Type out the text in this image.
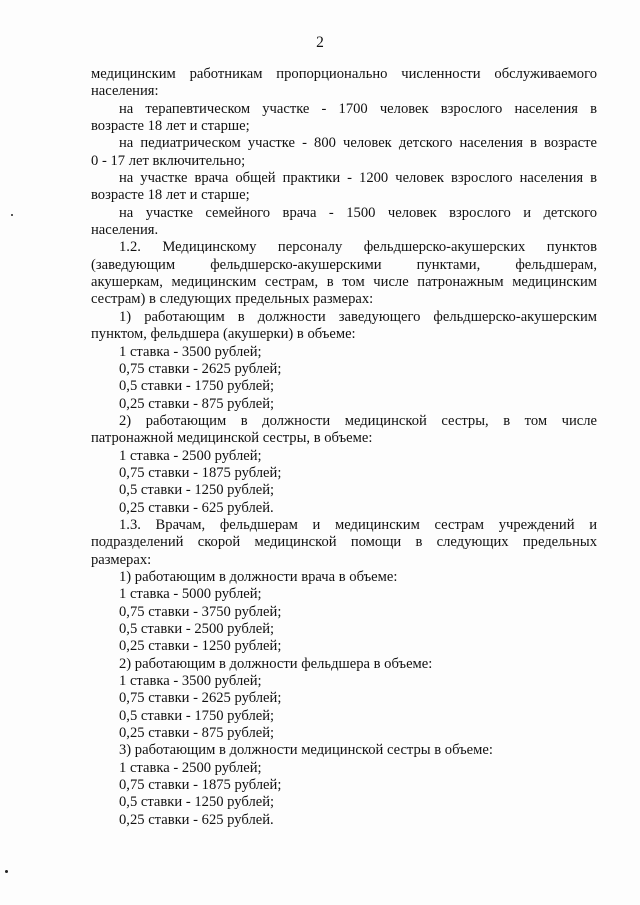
2
медицинским работникам пропорционально численности обслуживаемого
населения:
на терапевтическом участке - 1700 человек взрослого населения в
возрасте 18 лет и старше;
на педиатрическом участке - 800 человек детского населения в возрасте
0 - 17 лет включительно;
на участке врача общей практики - 1200 человек взрослого населения в
возрасте 18 лет и старше;
на участке семейного врача - 1500 человек взрослого и детского
населения.
1.2. Медицинскому персоналу фельдшерско-акушерских пунктов
(заведующим фельдшерско-акушерскими пунктами, фельдшерам,
акушеркам, медицинским сестрам, в том числе патронажным медицинским
сестрам) в следующих предельных размерах:
1) работающим в должности заведующего фельдшерско-акушерским
пунктом, фельдшера (акушерки) в объеме:
1 ставка - 3500 рублей;
0,75 ставки - 2625 рублей;
0,5 ставки - 1750 рублей;
0,25 ставки - 875 рублей;
2) работающим в должности медицинской сестры, в том числе
патронажной медицинской сестры, в объеме:
1 ставка - 2500 рублей;
0,75 ставки - 1875 рублей;
0,5 ставки - 1250 рублей;
0,25 ставки - 625 рублей.
1.3. Врачам, фельдшерам и медицинским сестрам учреждений и
подразделений скорой медицинской помощи в следующих предельных
размерах:
1) работающим в должности врача в объеме:
1 ставка - 5000 рублей;
0,75 ставки - 3750 рублей;
0,5 ставки - 2500 рублей;
0,25 ставки - 1250 рублей;
2) работающим в должности фельдшера в объеме:
1 ставка - 3500 рублей;
0,75 ставки - 2625 рублей;
0,5 ставки - 1750 рублей;
0,25 ставки - 875 рублей;
3) работающим в должности медицинской сестры в объеме:
1 ставка - 2500 рублей;
0,75 ставки - 1875 рублей;
0,5 ставки - 1250 рублей;
0,25 ставки - 625 рублей.
